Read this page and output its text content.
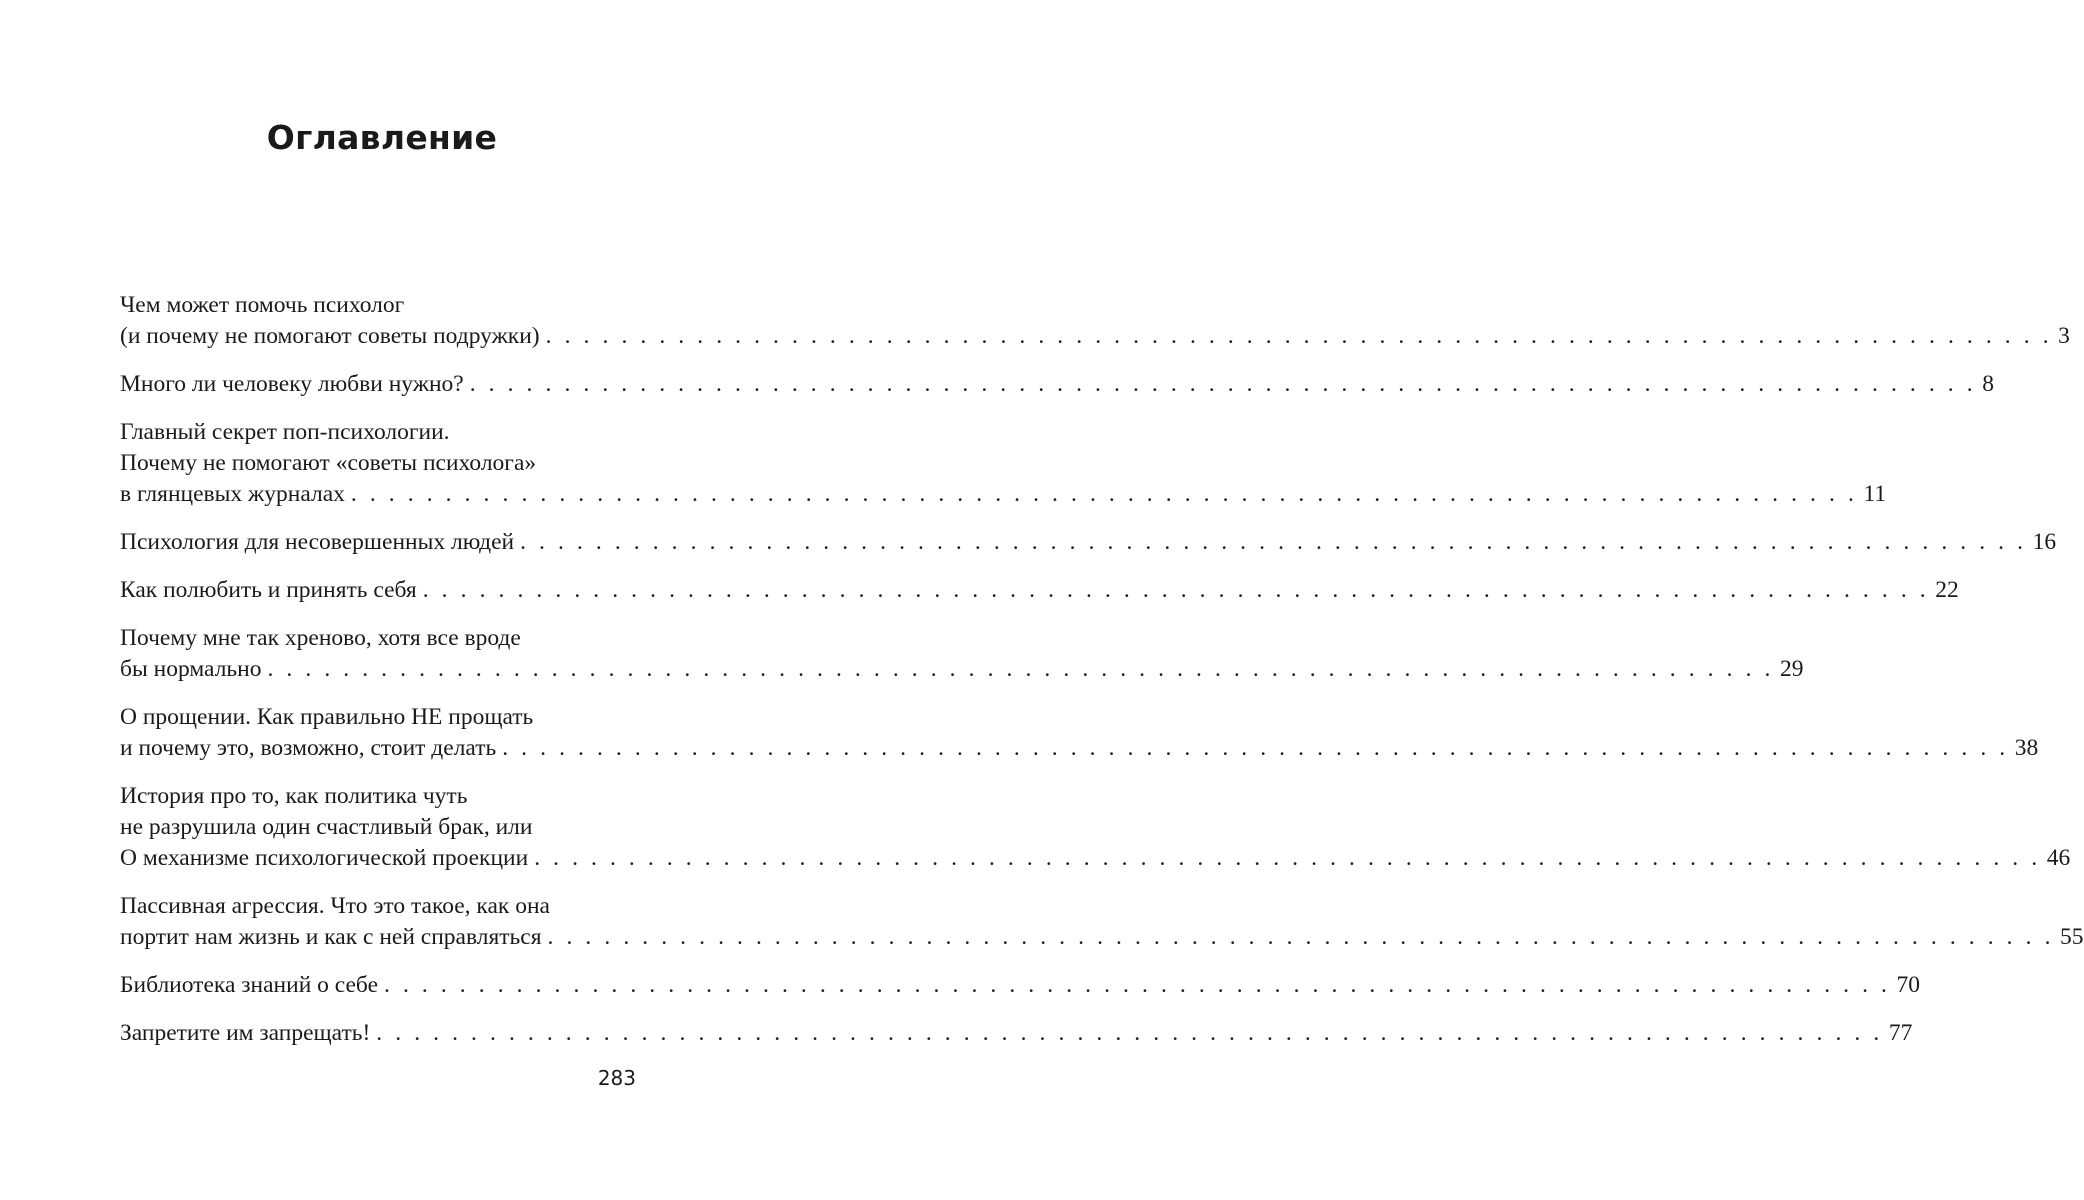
Оглавление
Чем может помочь психолог
(и почему не помогают советы подружки) . . . . . . . . . . . . . . . . . . . . . . . . . . . . . . . . . . . . . . . . . . . . . . . . . . . . . . . . . . . . . . . . . . . . . . . . . . . . . . . . 3
Много ли человеку любви нужно? . . . . . . . . . . . . . . . . . . . . . . . . . . . . . . . . . . . . . . . . . . . . . . . . . . . . . . . . . . . . . . . . . . . . . . . . . . . . . . . . 8
Главный секрет поп-психологии.
Почему не помогают «советы психолога»
в глянцевых журналах . . . . . . . . . . . . . . . . . . . . . . . . . . . . . . . . . . . . . . . . . . . . . . . . . . . . . . . . . . . . . . . . . . . . . . . . . . . . . . . . 11
Психология для несовершенных людей . . . . . . . . . . . . . . . . . . . . . . . . . . . . . . . . . . . . . . . . . . . . . . . . . . . . . . . . . . . . . . . . . . . . . . . . . . . . . . . . 16
Как полюбить и принять себя . . . . . . . . . . . . . . . . . . . . . . . . . . . . . . . . . . . . . . . . . . . . . . . . . . . . . . . . . . . . . . . . . . . . . . . . . . . . . . . . 22
Почему мне так хреново, хотя все вроде
бы нормально . . . . . . . . . . . . . . . . . . . . . . . . . . . . . . . . . . . . . . . . . . . . . . . . . . . . . . . . . . . . . . . . . . . . . . . . . . . . . . . . 29
О прощении. Как правильно НЕ прощать
и почему это, возможно, стоит делать . . . . . . . . . . . . . . . . . . . . . . . . . . . . . . . . . . . . . . . . . . . . . . . . . . . . . . . . . . . . . . . . . . . . . . . . . . . . . . . . 38
История про то, как политика чуть
не разрушила один счастливый брак, или
О механизме психологической проекции . . . . . . . . . . . . . . . . . . . . . . . . . . . . . . . . . . . . . . . . . . . . . . . . . . . . . . . . . . . . . . . . . . . . . . . . . . . . . . . . 46
Пассивная агрессия. Что это такое, как она
портит нам жизнь и как с ней справляться . . . . . . . . . . . . . . . . . . . . . . . . . . . . . . . . . . . . . . . . . . . . . . . . . . . . . . . . . . . . . . . . . . . . . . . . . . . . . . . . 55
Библиотека знаний о себе . . . . . . . . . . . . . . . . . . . . . . . . . . . . . . . . . . . . . . . . . . . . . . . . . . . . . . . . . . . . . . . . . . . . . . . . . . . . . . . . 70
Запретите им запрещать! . . . . . . . . . . . . . . . . . . . . . . . . . . . . . . . . . . . . . . . . . . . . . . . . . . . . . . . . . . . . . . . . . . . . . . . . . . . . . . . . 77
283
